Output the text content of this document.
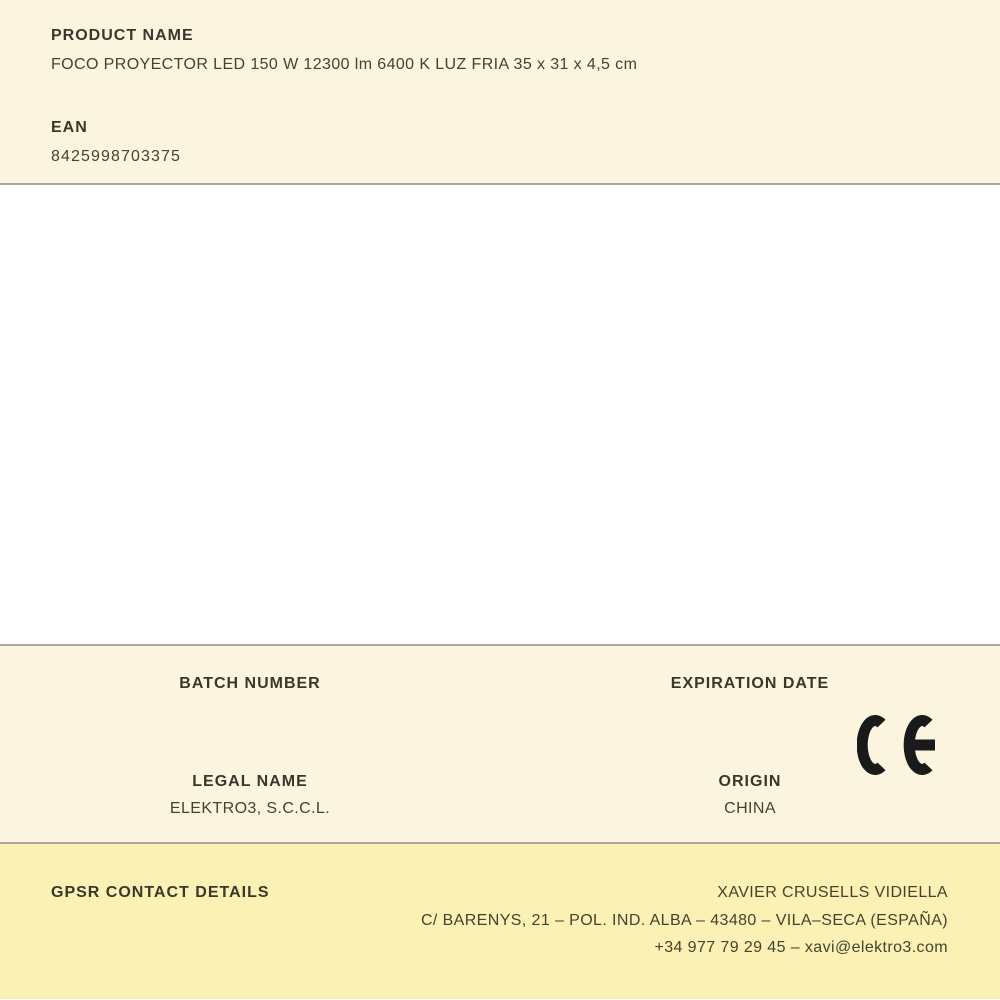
PRODUCT NAME
FOCO PROYECTOR LED 150 W 12300 lm 6400 K LUZ FRIA 35 x 31 x 4,5 cm
EAN
8425998703375
BATCH NUMBER	EXPIRATION DATE
LEGAL NAME
ELEKTRO3, S.C.C.L.
ORIGIN
CHINA
GPSR CONTACT DETAILS	XAVIER CRUSELLS VIDIELLA
C/ BARENYS, 21 – POL. IND. ALBA – 43480 – VILA–SECA (ESPAÑA)
+34 977 79 29 45 – xavi@elektro3.com
